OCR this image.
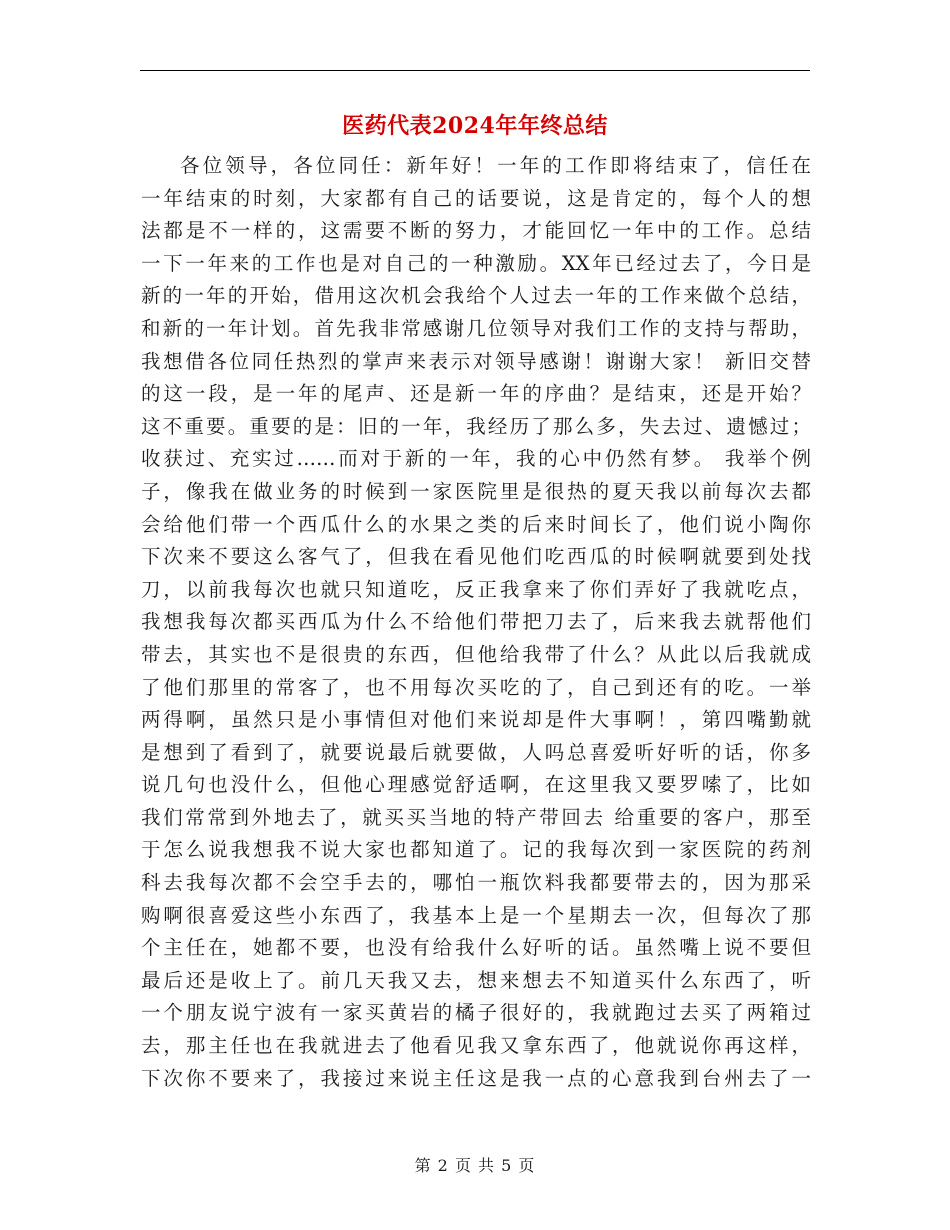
医药代表2024年年终总结
各位领导，各位同任：新年好！一年的工作即将结束了，信任在
一年结束的时刻，大家都有自己的话要说，这是肯定的，每个人的想
法都是不一样的，这需要不断的努力，才能回忆一年中的工作。总结
一下一年来的工作也是对自己的一种激励。XX年已经过去了，今日是
新的一年的开始，借用这次机会我给个人过去一年的工作来做个总结，
和新的一年计划。首先我非常感谢几位领导对我们工作的支持与帮助，
我想借各位同任热烈的掌声来表示对领导感谢！谢谢大家！ 新旧交替
的这一段，是一年的尾声、还是新一年的序曲？是结束，还是开始？
这不重要。重要的是：旧的一年，我经历了那么多，失去过、遗憾过；
收获过、充实过……而对于新的一年，我的心中仍然有梦。 我举个例
子，像我在做业务的时候到一家医院里是很热的夏天我以前每次去都
会给他们带一个西瓜什么的水果之类的后来时间长了，他们说小陶你
下次来不要这么客气了，但我在看见他们吃西瓜的时候啊就要到处找
刀，以前我每次也就只知道吃，反正我拿来了你们弄好了我就吃点，
我想我每次都买西瓜为什么不给他们带把刀去了，后来我去就帮他们
带去，其实也不是很贵的东西，但他给我带了什么？从此以后我就成
了他们那里的常客了，也不用每次买吃的了，自己到还有的吃。一举
两得啊，虽然只是小事情但对他们来说却是件大事啊！，第四嘴勤就
是想到了看到了，就要说最后就要做，人吗总喜爱听好听的话，你多
说几句也没什么，但他心理感觉舒适啊，在这里我又要罗嗦了，比如
我们常常到外地去了，就买买当地的特产带回去 给重要的客户，那至
于怎么说我想我不说大家也都知道了。记的我每次到一家医院的药剂
科去我每次都不会空手去的，哪怕一瓶饮料我都要带去的，因为那采
购啊很喜爱这些小东西了，我基本上是一个星期去一次，但每次了那
个主任在，她都不要，也没有给我什么好听的话。虽然嘴上说不要但
最后还是收上了。前几天我又去，想来想去不知道买什么东西了，听
一个朋友说宁波有一家买黄岩的橘子很好的，我就跑过去买了两箱过
去，那主任也在我就进去了他看见我又拿东西了，他就说你再这样，
下次你不要来了，我接过来说主任这是我一点的心意我到台州去了一
第 2 页 共 5 页
